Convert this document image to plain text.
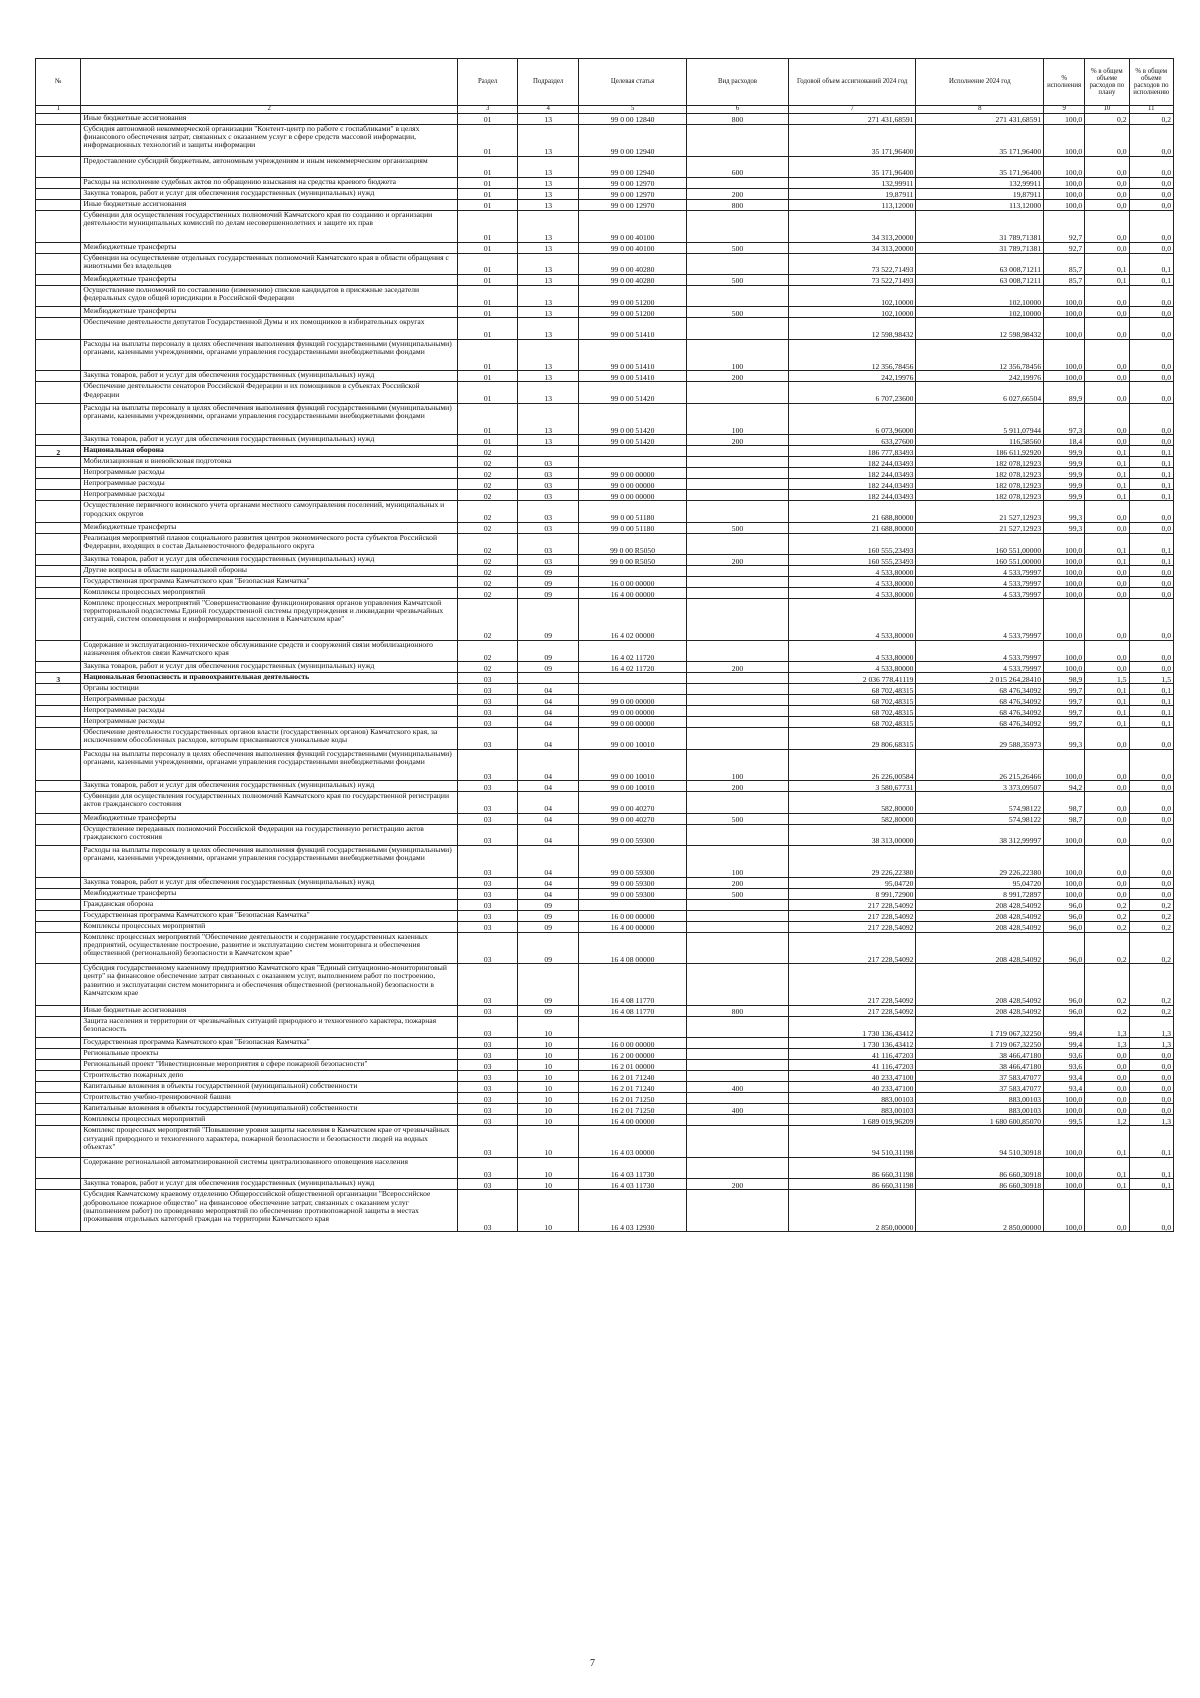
№		Раздел	Подраздел	Целевая статья	Вид расходов	Годовой объем ассигнований 2024 год	Исполнение 2024 год	% исполнения	% в общем объеме расходов по плану	% в общем объеме расходов по исполнению
1	2	3	4	5	6	7	8	9	10	11
	Иные бюджетные ассигнования	01	13	99 0 00 12840	800	271 431,68591	271 431,68591	100,0	0,2	0,2
	Субсидия автономной некоммерческой организации "Контент-центр по работе с госпабликами" в целях финансового обеспечения затрат, связанных с оказанием услуг в сфере средств массовой информации, информационных технологий и защиты информации	01	13	99 0 00 12940		35 171,96400	35 171,96400	100,0	0,0	0,0
	Предоставление субсидий бюджетным, автономным учреждениям и иным некоммерческим организациям	01	13	99 0 00 12940	600	35 171,96400	35 171,96400	100,0	0,0	0,0
	Расходы на исполнение судебных актов по обращению взыскания на средства краевого бюджета	01	13	99 0 00 12970		132,99911	132,99911	100,0	0,0	0,0
	Закупка товаров, работ и услуг для обеспечения государственных (муниципальных) нужд	01	13	99 0 00 12970	200	19,87911	19,87911	100,0	0,0	0,0
	Иные бюджетные ассигнования	01	13	99 0 00 12970	800	113,12000	113,12000	100,0	0,0	0,0
	Субвенции для осуществления государственных полномочий Камчатского края по созданию и организации деятельности муниципальных комиссий по делам несовершеннолетних и защите их прав	01	13	99 0 00 40100		34 313,20000	31 789,71381	92,7	0,0	0,0
	Межбюджетные трансферты	01	13	99 0 00 40100	500	34 313,20000	31 789,71381	92,7	0,0	0,0
	Субвенции на осуществление отдельных государственных полномочий Камчатского края в области обращения с животными без владельцев	01	13	99 0 00 40280		73 522,71493	63 008,71211	85,7	0,1	0,1
	Межбюджетные трансферты	01	13	99 0 00 40280	500	73 522,71493	63 008,71211	85,7	0,1	0,1
	Осуществление полномочий по составлению (изменению) списков кандидатов в присяжные заседатели федеральных судов общей юрисдикции в Российской Федерации	01	13	99 0 00 51200		102,10000	102,10000	100,0	0,0	0,0
	Межбюджетные трансферты	01	13	99 0 00 51200	500	102,10000	102,10000	100,0	0,0	0,0
	Обеспечение деятельности депутатов Государственной Думы и их помощников в избирательных округах	01	13	99 0 00 51410		12 598,98432	12 598,98432	100,0	0,0	0,0
	Расходы на выплаты персоналу в целях обеспечения выполнения функций государственными (муниципальными) органами, казенными учреждениями, органами управления государственными внебюджетными фондами	01	13	99 0 00 51410	100	12 356,78456	12 356,78456	100,0	0,0	0,0
	Закупка товаров, работ и услуг для обеспечения государственных (муниципальных) нужд	01	13	99 0 00 51410	200	242,19976	242,19976	100,0	0,0	0,0
	Обеспечение деятельности сенаторов Российской Федерации и их помощников в субъектах Российской Федерации	01	13	99 0 00 51420		6 707,23600	6 027,66504	89,9	0,0	0,0
	Расходы на выплаты персоналу в целях обеспечения выполнения функций государственными (муниципальными) органами, казенными учреждениями, органами управления государственными внебюджетными фондами	01	13	99 0 00 51420	100	6 073,96000	5 911,07944	97,3	0,0	0,0
	Закупка товаров, работ и услуг для обеспечения государственных (муниципальных) нужд	01	13	99 0 00 51420	200	633,27600	116,58560	18,4	0,0	0,0
2	Национальная оборона	02				186 777,83493	186 611,92920	99,9	0,1	0,1
	Мобилизационная и вневойсковая подготовка	02	03			182 244,03493	182 078,12923	99,9	0,1	0,1
	Непрограммные расходы	02	03	99 0 00 00000		182 244,03493	182 078,12923	99,9	0,1	0,1
	Непрограммные расходы	02	03	99 0 00 00000		182 244,03493	182 078,12923	99,9	0,1	0,1
	Непрограммные расходы	02	03	99 0 00 00000		182 244,03493	182 078,12923	99,9	0,1	0,1
	Осуществление первичного воинского учета органами местного самоуправления поселений, муниципальных и городских округов	02	03	99 0 00 51180		21 688,80000	21 527,12923	99,3	0,0	0,0
	Межбюджетные трансферты	02	03	99 0 00 51180	500	21 688,80000	21 527,12923	99,3	0,0	0,0
	Реализация мероприятий планов социального развития центров экономического роста субъектов Российской Федерации, входящих в состав Дальневосточного федерального округа	02	03	99 0 00 R5050		160 555,23493	160 551,00000	100,0	0,1	0,1
	Закупка товаров, работ и услуг для обеспечения государственных (муниципальных) нужд	02	03	99 0 00 R5050	200	160 555,23493	160 551,00000	100,0	0,1	0,1
	Другие вопросы в области национальной обороны	02	09			4 533,80000	4 533,79997	100,0	0,0	0,0
	Государственная программа Камчатского края "Безопасная Камчатка"	02	09	16 0 00 00000		4 533,80000	4 533,79997	100,0	0,0	0,0
	Комплексы процессных мероприятий	02	09	16 4 00 00000		4 533,80000	4 533,79997	100,0	0,0	0,0
	Комплекс процессных мероприятий "Совершенствование функционирования органов управления Камчатской территориальной подсистемы Единой государственной системы предупреждения и ликвидации чрезвычайных ситуаций, систем оповещения и информирования населения в Камчатском крае"	02	09	16 4 02 00000		4 533,80000	4 533,79997	100,0	0,0	0,0
	Содержание и эксплуатационно-техническое обслуживание средств и сооружений связи мобилизационного назначения объектов связи Камчатского края	02	09	16 4 02 11720		4 533,80000	4 533,79997	100,0	0,0	0,0
	Закупка товаров, работ и услуг для обеспечения государственных (муниципальных) нужд	02	09	16 4 02 11720	200	4 533,80000	4 533,79997	100,0	0,0	0,0
3	Национальная безопасность и правоохранительная деятельность	03				2 036 778,41119	2 015 264,28410	98,9	1,5	1,5
	Органы юстиции	03	04			68 702,48315	68 476,34092	99,7	0,1	0,1
	Непрограммные расходы	03	04	99 0 00 00000		68 702,48315	68 476,34092	99,7	0,1	0,1
	Непрограммные расходы	03	04	99 0 00 00000		68 702,48315	68 476,34092	99,7	0,1	0,1
	Непрограммные расходы	03	04	99 0 00 00000		68 702,48315	68 476,34092	99,7	0,1	0,1
	Обеспечение деятельности государственных органов власти (государственных органов) Камчатского края, за исключением обособленных расходов, которым присваиваются уникальные коды	03	04	99 0 00 10010		29 806,68315	29 588,35973	99,3	0,0	0,0
	Расходы на выплаты персоналу в целях обеспечения выполнения функций государственными (муниципальными) органами, казенными учреждениями, органами управления государственными внебюджетными фондами	03	04	99 0 00 10010	100	26 226,00584	26 215,26466	100,0	0,0	0,0
	Закупка товаров, работ и услуг для обеспечения государственных (муниципальных) нужд	03	04	99 0 00 10010	200	3 580,67731	3 373,09507	94,2	0,0	0,0
	Субвенции для осуществления государственных полномочий Камчатского края по государственной регистрации актов гражданского состояния	03	04	99 0 00 40270		582,80000	574,98122	98,7	0,0	0,0
	Межбюджетные трансферты	03	04	99 0 00 40270	500	582,80000	574,98122	98,7	0,0	0,0
	Осуществление переданных полномочий Российской Федерации на государственную регистрацию актов гражданского состояния	03	04	99 0 00 59300		38 313,00000	38 312,99997	100,0	0,0	0,0
	Расходы на выплаты персоналу в целях обеспечения выполнения функций государственными (муниципальными) органами, казенными учреждениями, органами управления государственными внебюджетными фондами	03	04	99 0 00 59300	100	29 226,22380	29 226,22380	100,0	0,0	0,0
	Закупка товаров, работ и услуг для обеспечения государственных (муниципальных) нужд	03	04	99 0 00 59300	200	95,04720	95,04720	100,0	0,0	0,0
	Межбюджетные трансферты	03	04	99 0 00 59300	500	8 991,72900	8 991,72897	100,0	0,0	0,0
	Гражданская оборона	03	09			217 228,54092	208 428,54092	96,0	0,2	0,2
	Государственная программа Камчатского края "Безопасная Камчатка"	03	09	16 0 00 00000		217 228,54092	208 428,54092	96,0	0,2	0,2
	Комплексы процессных мероприятий	03	09	16 4 00 00000		217 228,54092	208 428,54092	96,0	0,2	0,2
	Комплекс процессных мероприятий "Обеспечение деятельности и содержание государственных казенных предприятий, осуществление построение, развитие и эксплуатацию систем мониторинга и обеспечения общественной (региональной) безопасности в Камчатском крае"	03	09	16 4 08 00000		217 228,54092	208 428,54092	96,0	0,2	0,2
	Субсидия государственному казенному предприятию Камчатского края "Единый ситуационно-мониторинговый центр" на финансовое обеспечение затрат связанных с оказанием услуг, выполнением работ по построению, развитию и эксплуатации систем мониторинга и обеспечения общественной (региональной) безопасности в Камчатском крае	03	09	16 4 08 11770		217 228,54092	208 428,54092	96,0	0,2	0,2
	Иные бюджетные ассигнования	03	09	16 4 08 11770	800	217 228,54092	208 428,54092	96,0	0,2	0,2
	Защита населения и территории от чрезвычайных ситуаций природного и техногенного характера, пожарная безопасность	03	10			1 730 136,43412	1 719 067,32250	99,4	1,3	1,3
	Государственная программа Камчатского края "Безопасная Камчатка"	03	10	16 0 00 00000		1 730 136,43412	1 719 067,32250	99,4	1,3	1,3
	Региональные проекты	03	10	16 2 00 00000		41 116,47203	38 466,47180	93,6	0,0	0,0
	Региональный проект "Инвестиционные мероприятия в сфере пожарной безопасности"	03	10	16 2 01 00000		41 116,47203	38 466,47180	93,6	0,0	0,0
	Строительство пожарных депо	03	10	16 2 01 71240		40 233,47100	37 583,47077	93,4	0,0	0,0
	Капитальные вложения в объекты государственной (муниципальной) собственности	03	10	16 2 01 71240	400	40 233,47100	37 583,47077	93,4	0,0	0,0
	Строительство учебно-тренировочной башни	03	10	16 2 01 71250		883,00103	883,00103	100,0	0,0	0,0
	Капитальные вложения в объекты государственной (муниципальной) собственности	03	10	16 2 01 71250	400	883,00103	883,00103	100,0	0,0	0,0
	Комплексы процессных мероприятий	03	10	16 4 00 00000		1 689 019,96209	1 680 600,85070	99,5	1,2	1,3
	Комплекс процессных мероприятий "Повышение уровня защиты населения в Камчатском крае от чрезвычайных ситуаций природного и техногенного характера, пожарной безопасности и безопасности людей на водных объектах"	03	10	16 4 03 00000		94 510,31198	94 510,30918	100,0	0,1	0,1
	Содержание региональной автоматизированной системы централизованного оповещения населения	03	10	16 4 03 11730		86 660,31198	86 660,30918	100,0	0,1	0,1
	Закупка товаров, работ и услуг для обеспечения государственных (муниципальных) нужд	03	10	16 4 03 11730	200	86 660,31198	86 660,30918	100,0	0,1	0,1
	Субсидия Камчатскому краевому отделению Общероссийской общественной организации "Всероссийское добровольное пожарное общество" на финансовое обеспечение затрат, связанных с оказанием услуг (выполнением работ) по проведению мероприятий по обеспечению противопожарной защиты в местах проживания отдельных категорий граждан на территории Камчатского края	03	10	16 4 03 12930		2 850,00000	2 850,00000	100,0	0,0	0,0
7
